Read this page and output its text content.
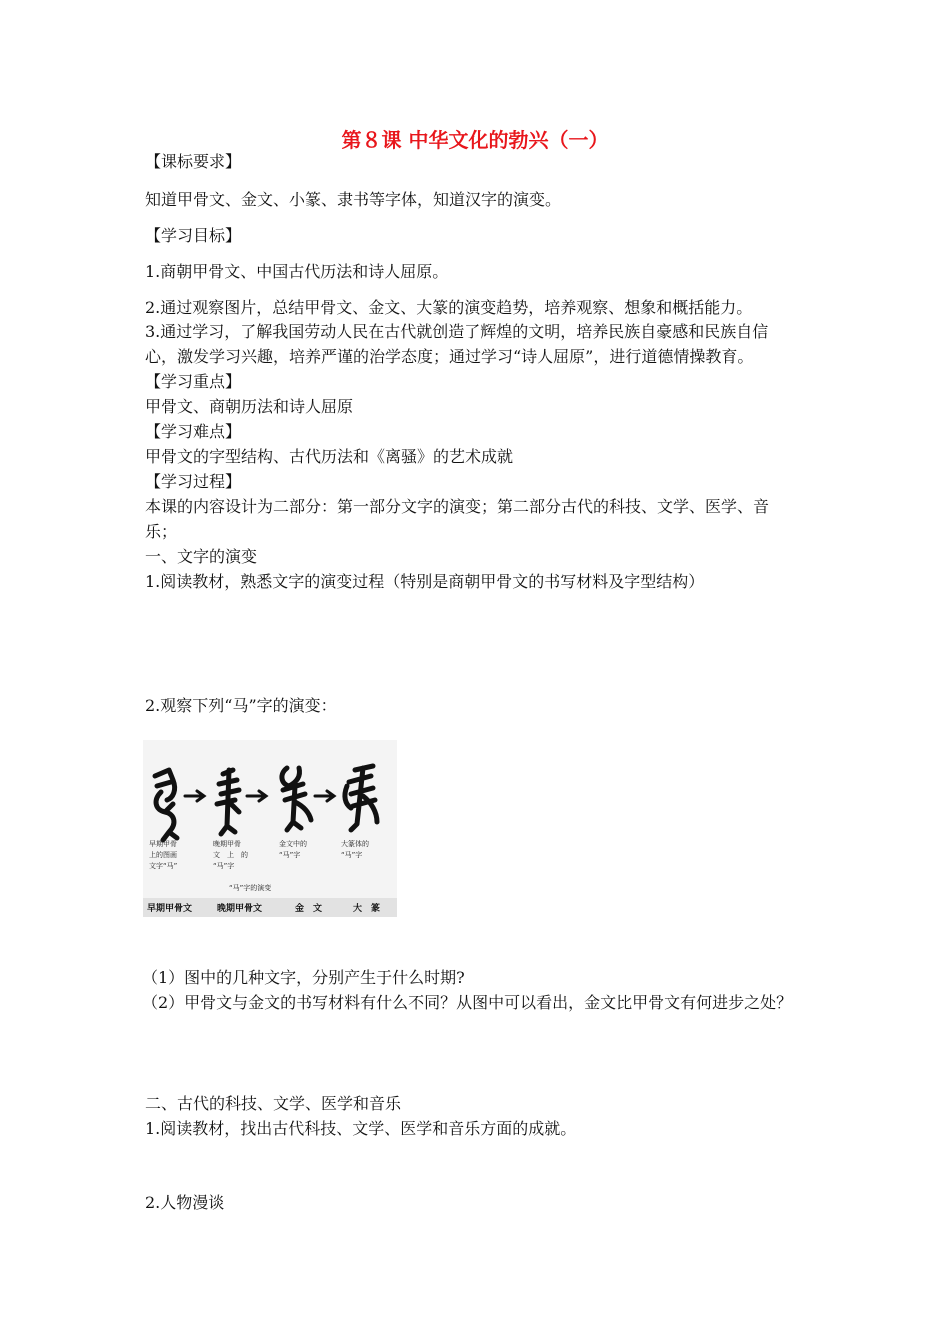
第８课 中华文化的勃兴（一）
【课标要求】
知道甲骨文、金文、小篆、隶书等字体，知道汉字的演变。
【学习目标】
1.商朝甲骨文、中国古代历法和诗人屈原。
2.通过观察图片，总结甲骨文、金文、大篆的演变趋势，培养观察、想象和概括能力。
3.通过学习，了解我国劳动人民在古代就创造了辉煌的文明，培养民族自豪感和民族自信
心，激发学习兴趣，培养严谨的治学态度；通过学习“诗人屈原”，进行道德情操教育。
【学习重点】
甲骨文、商朝历法和诗人屈原
【学习难点】
甲骨文的字型结构、古代历法和《离骚》的艺术成就
【学习过程】
本课的内容设计为二部分：第一部分文字的演变；第二部分古代的科技、文学、医学、音
乐；
一、文字的演变
1.阅读教材，熟悉文字的演变过程（特别是商朝甲骨文的书写材料及字型结构）
2.观察下列“马”字的演变：
早期甲骨
上的图画
文字“马”
晚期甲骨
文　上　的
“马”字
金文中的
“马”字
大篆体的
“马”字
“马”字的演变
早期甲骨文	晚期甲骨文	金　文	大　篆
（1）图中的几种文字，分别产生于什么时期?
（2）甲骨文与金文的书写材料有什么不同？从图中可以看出，金文比甲骨文有何进步之处？
二、古代的科技、文学、医学和音乐
1.阅读教材，找出古代科技、文学、医学和音乐方面的成就。
2.人物漫谈
